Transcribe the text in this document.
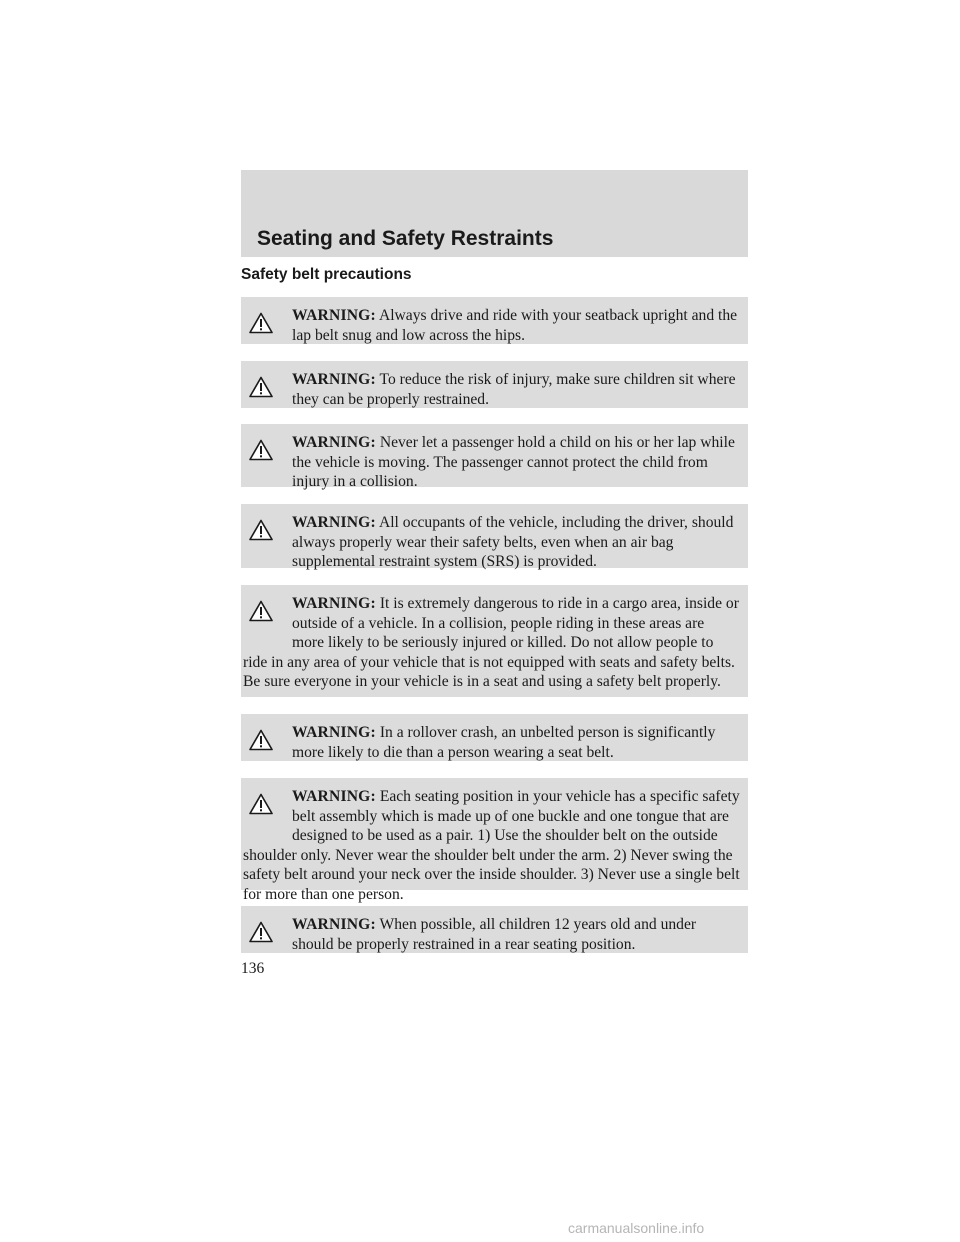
Seating and Safety Restraints
Safety belt precautions
WARNING: Always drive and ride with your seatback upright and the lap belt snug and low across the hips.
WARNING: To reduce the risk of injury, make sure children sit where they can be properly restrained.
WARNING: Never let a passenger hold a child on his or her lap while the vehicle is moving. The passenger cannot protect the child from injury in a collision.
WARNING: All occupants of the vehicle, including the driver, should always properly wear their safety belts, even when an air bag supplemental restraint system (SRS) is provided.
WARNING: It is extremely dangerous to ride in a cargo area, inside or outside of a vehicle. In a collision, people riding in these areas are more likely to be seriously injured or killed. Do not allow people to ride in any area of your vehicle that is not equipped with seats and safety belts. Be sure everyone in your vehicle is in a seat and using a safety belt properly.
WARNING: In a rollover crash, an unbelted person is significantly more likely to die than a person wearing a seat belt.
WARNING: Each seating position in your vehicle has a specific safety belt assembly which is made up of one buckle and one tongue that are designed to be used as a pair. 1) Use the shoulder belt on the outside shoulder only. Never wear the shoulder belt under the arm. 2) Never swing the safety belt around your neck over the inside shoulder. 3) Never use a single belt for more than one person.
WARNING: When possible, all children 12 years old and under should be properly restrained in a rear seating position.

136

carmanualsonline.info
